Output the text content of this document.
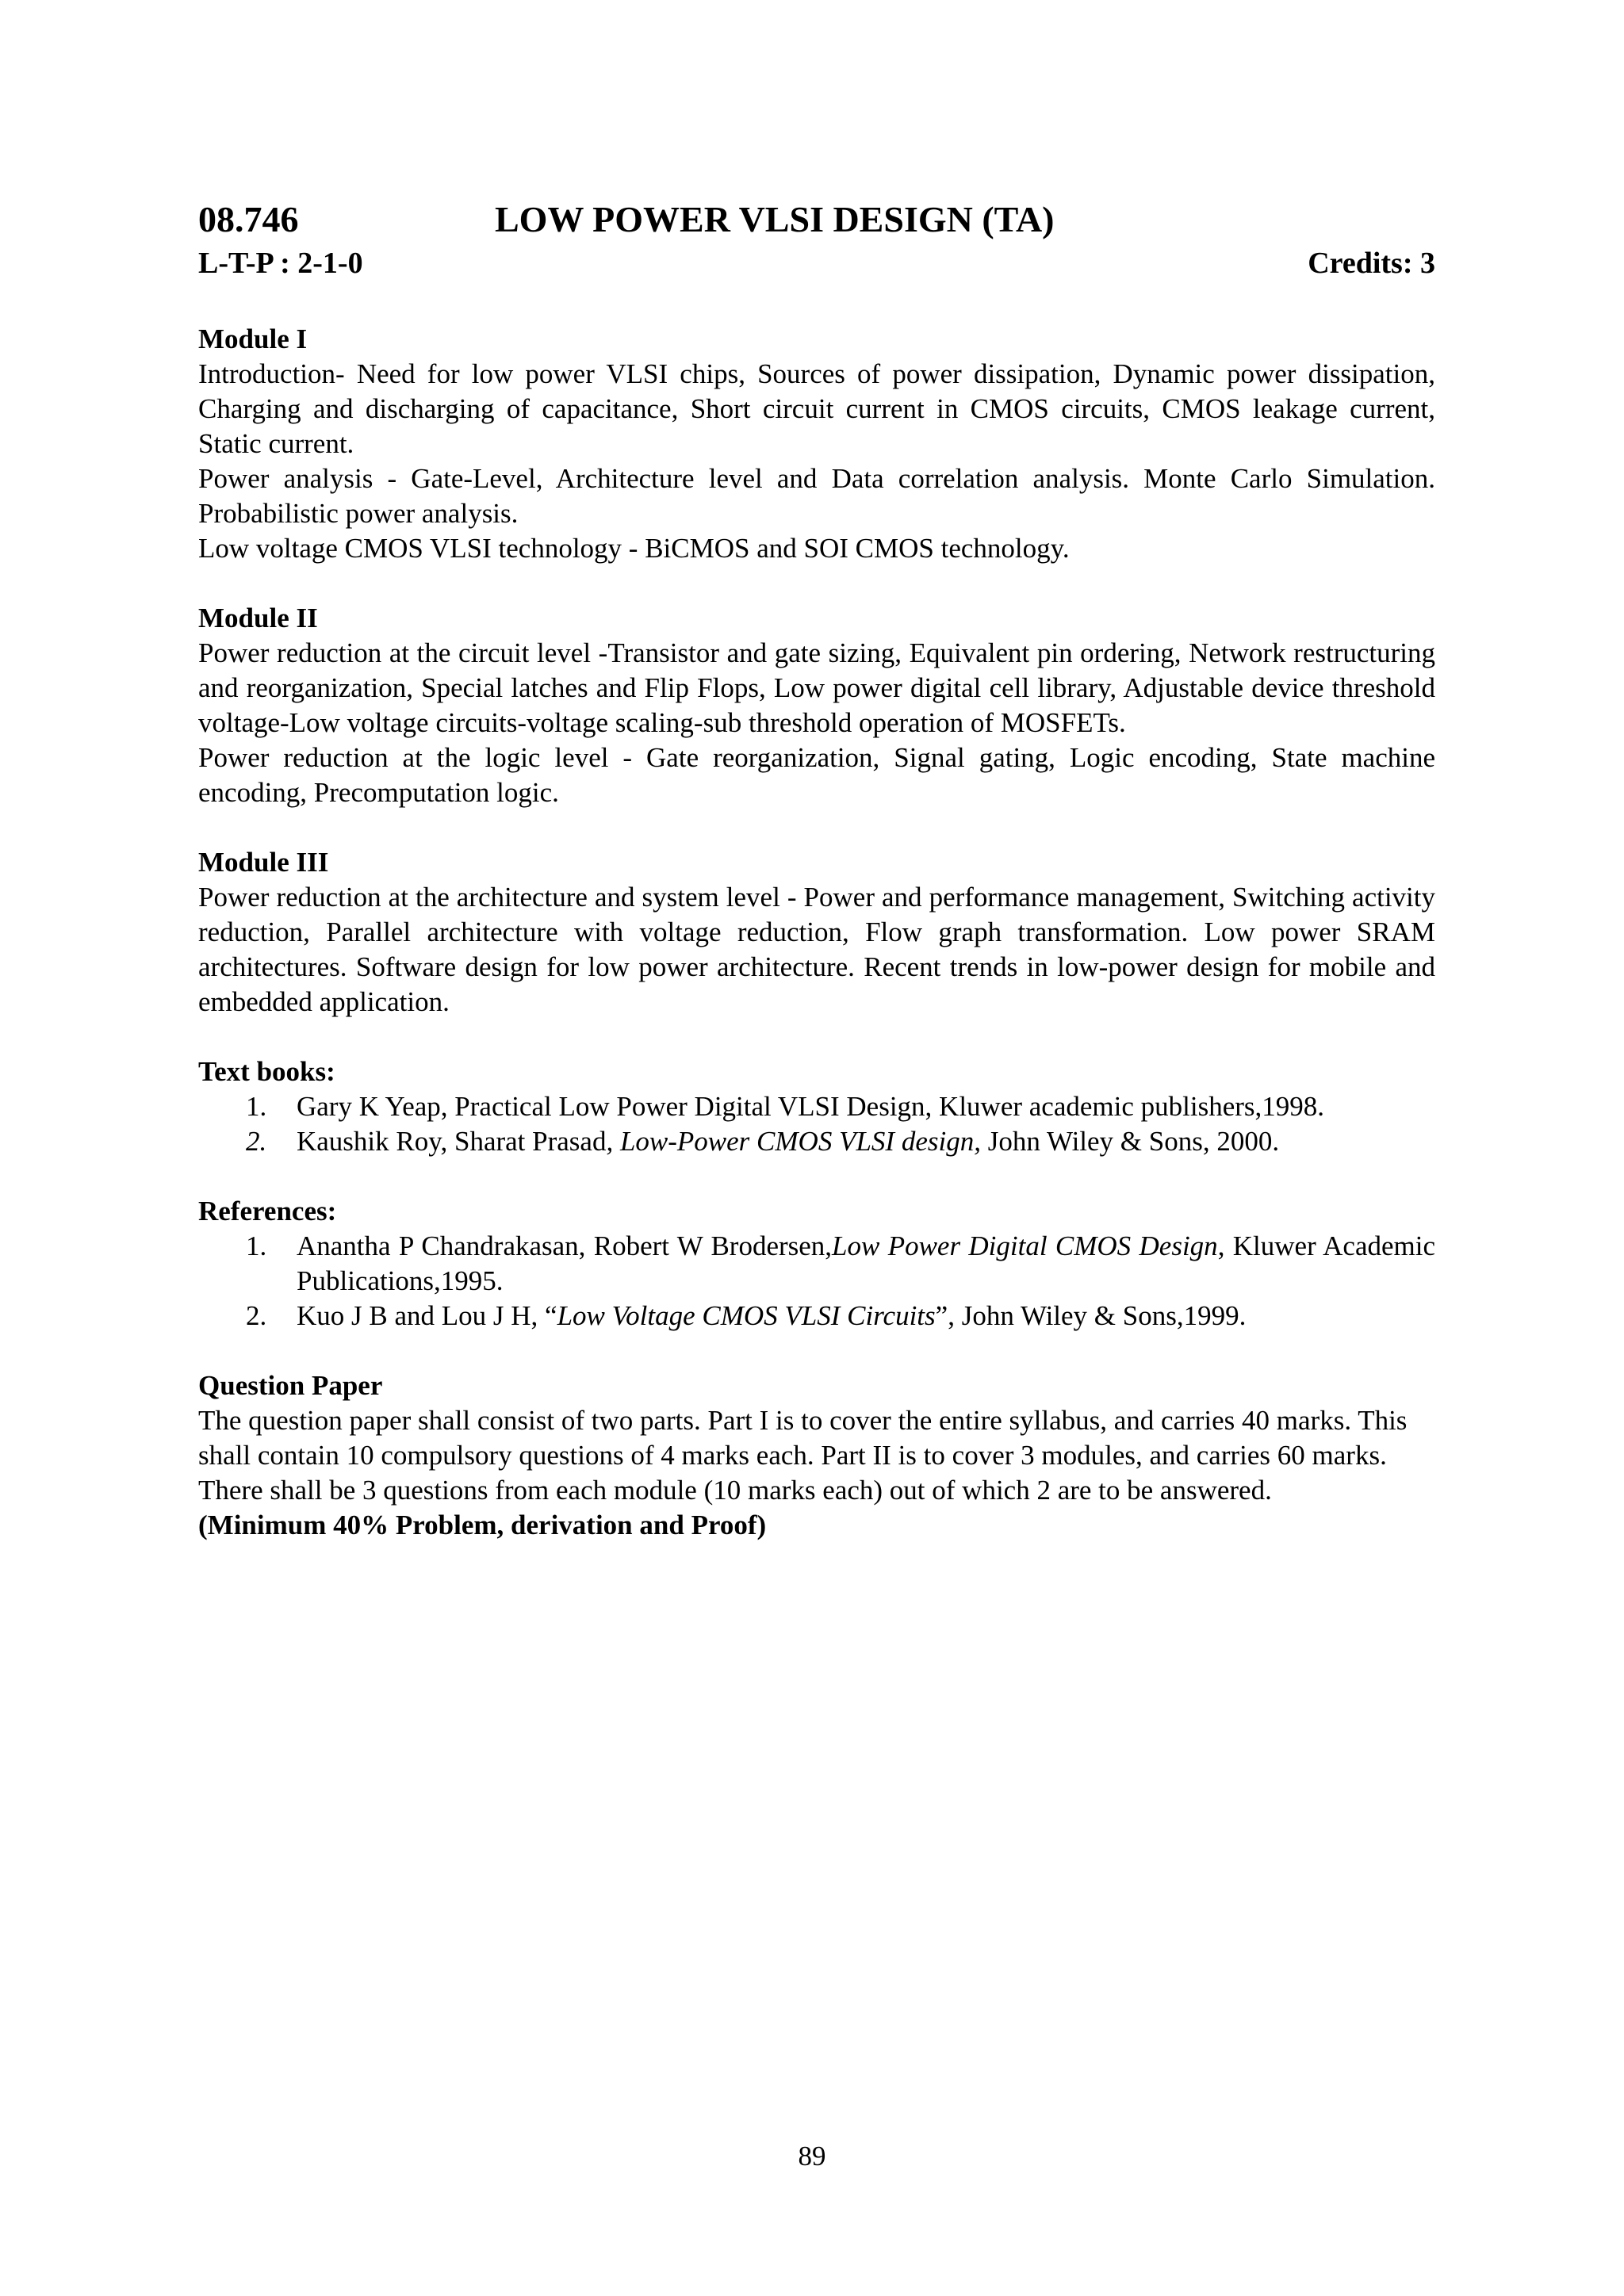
08.746	LOW POWER VLSI DESIGN (TA)
L-T-P : 2-1-0	Credits: 3
Module I

Introduction- Need for low power VLSI chips, Sources of power dissipation, Dynamic power dissipation, Charging and discharging of capacitance, Short circuit current in CMOS circuits, CMOS leakage current, Static current.

Power analysis - Gate-Level, Architecture level and Data correlation analysis. Monte Carlo Simulation. Probabilistic power analysis.

Low voltage CMOS VLSI technology - BiCMOS and SOI CMOS technology.

Module II

Power reduction at the circuit level -Transistor and gate sizing, Equivalent pin ordering, Network restructuring and reorganization, Special latches and Flip Flops, Low power digital cell library, Adjustable device threshold voltage-Low voltage circuits-voltage scaling-sub threshold operation of MOSFETs.

Power reduction at the logic level - Gate reorganization, Signal gating, Logic encoding, State machine encoding, Precomputation logic.

Module III

Power reduction at the architecture and system level - Power and performance management, Switching activity reduction, Parallel architecture with voltage reduction, Flow graph transformation. Low power SRAM architectures. Software design for low power architecture. Recent trends in low-power design for mobile and embedded application.

Text books:
1. Gary K Yeap, Practical Low Power Digital VLSI Design, Kluwer academic publishers,1998.
2. Kaushik Roy, Sharat Prasad, Low-Power CMOS VLSI design, John Wiley & Sons, 2000.
References:
1. Anantha P Chandrakasan, Robert W Brodersen,Low Power Digital CMOS Design, Kluwer Academic Publications,1995.
2. Kuo J B and Lou J H, “Low Voltage CMOS VLSI Circuits”, John Wiley & Sons,1999.
Question Paper

The question paper shall consist of two parts. Part I is to cover the entire syllabus, and carries 40 marks. This shall contain 10 compulsory questions of 4 marks each. Part II is to cover 3 modules, and carries 60 marks. There shall be 3 questions from each module (10 marks each) out of which 2 are to be answered.

(Minimum 40% Problem, derivation and Proof)
89
